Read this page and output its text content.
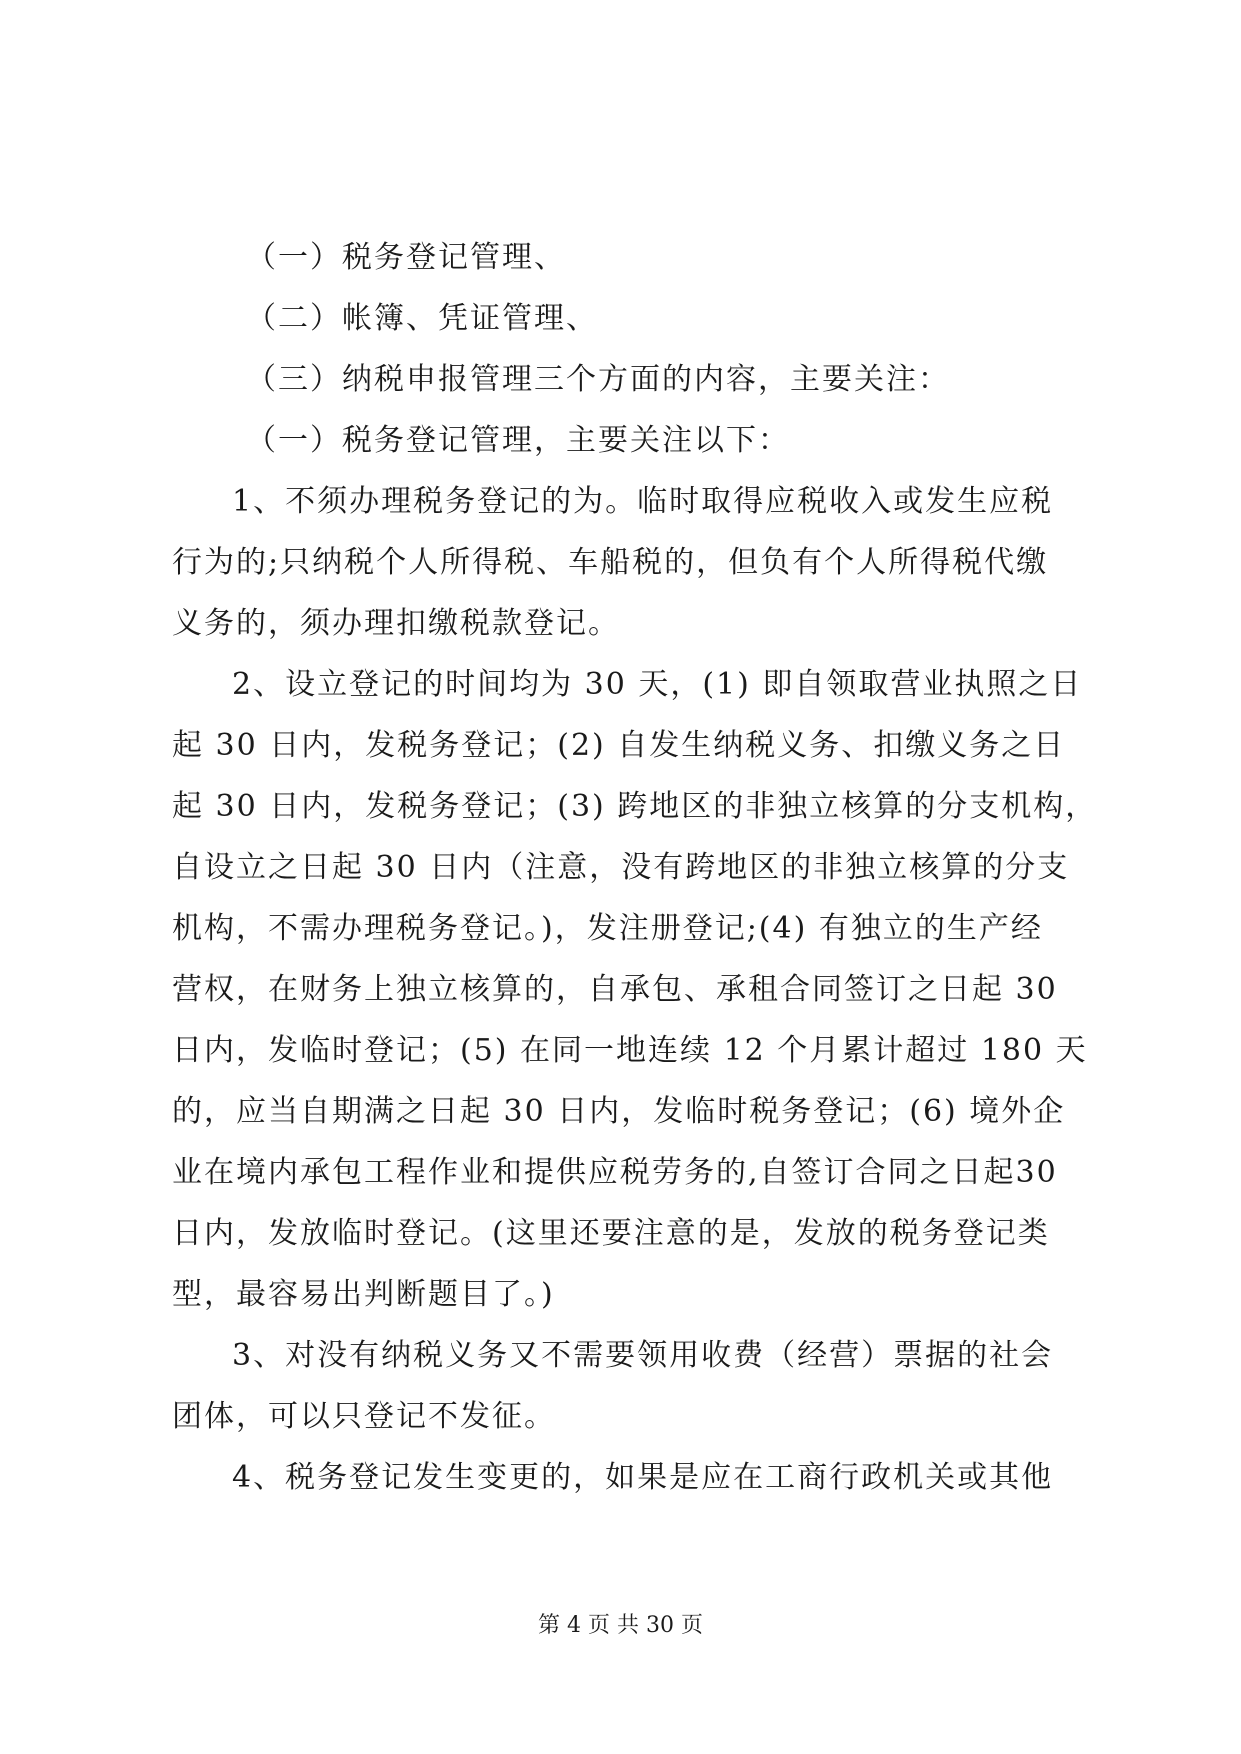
（一）税务登记管理、
（二）帐簿、凭证管理、
（三）纳税申报管理三个方面的内容，主要关注：
（一）税务登记管理，主要关注以下：
1、不须办理税务登记的为。临时取得应税收入或发生应税
行为的;只纳税个人所得税、车船税的，但负有个人所得税代缴
义务的，须办理扣缴税款登记。
2、设立登记的时间均为 30 天，(1) 即自领取营业执照之日
起 30 日内，发税务登记；(2) 自发生纳税义务、扣缴义务之日
起 30 日内，发税务登记；(3) 跨地区的非独立核算的分支机构，
自设立之日起 30 日内（注意，没有跨地区的非独立核算的分支
机构，不需办理税务登记。)，发注册登记;(4) 有独立的生产经
营权，在财务上独立核算的，自承包、承租合同签订之日起 30
日内，发临时登记；(5) 在同一地连续 12 个月累计超过 180 天
的，应当自期满之日起 30 日内，发临时税务登记；(6) 境外企
业在境内承包工程作业和提供应税劳务的,自签订合同之日起30
日内，发放临时登记。(这里还要注意的是，发放的税务登记类
型，最容易出判断题目了。)
3、对没有纳税义务又不需要领用收费（经营）票据的社会
团体，可以只登记不发征。
4、税务登记发生变更的，如果是应在工商行政机关或其他
第 4 页 共 30 页
